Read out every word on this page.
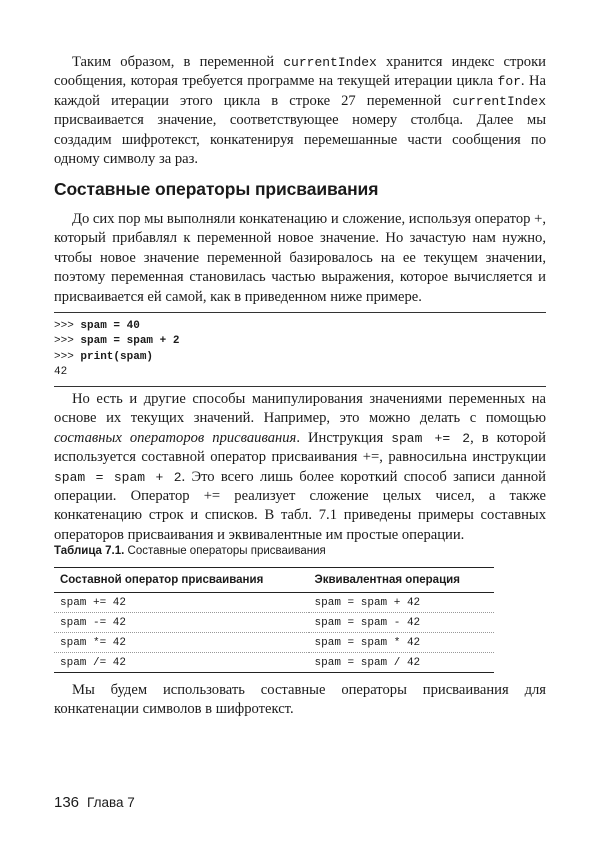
Таким образом, в переменной currentIndex хранится индекс строки сообщения, которая требуется программе на текущей итерации цикла for. На каждой итерации этого цикла в строке 27 переменной currentIndex присваивается значение, соответствующее номеру столбца. Далее мы создадим шифротекст, конкатенируя перемешанные части сообщения по одному символу за раз.

Составные операторы присваивания

До сих пор мы выполняли конкатенацию и сложение, используя оператор +, который прибавлял к переменной новое значение. Но зачастую нам нужно, чтобы новое значение переменной базировалось на ее текущем значении, поэтому переменная становилась частью выражения, которое вычисляется и присваивается ей самой, как в приведенном ниже примере.

>>> spam = 40
>>> spam = spam + 2
>>> print(spam)
42

Но есть и другие способы манипулирования значениями переменных на основе их текущих значений. Например, это можно делать с помощью составных операторов присваивания. Инструкция spam += 2, в которой используется составной оператор присваивания +=, равносильна инструкции spam = spam + 2. Это всего лишь более короткий способ записи данной операции. Оператор += реализует сложение целых чисел, а также конкатенацию строк и списков. В табл. 7.1 приведены примеры составных операторов присваивания и эквивалентные им простые операции.

Таблица 7.1. Составные операторы присваивания

Составной оператор присваивания	Эквивалентная операция
spam += 42	spam = spam + 42
spam -= 42	spam = spam - 42
spam *= 42	spam = spam * 42
spam /= 42	spam = spam / 42

Мы будем использовать составные операторы присваивания для конкатенации символов в шифротекст.

136 Глава 7
